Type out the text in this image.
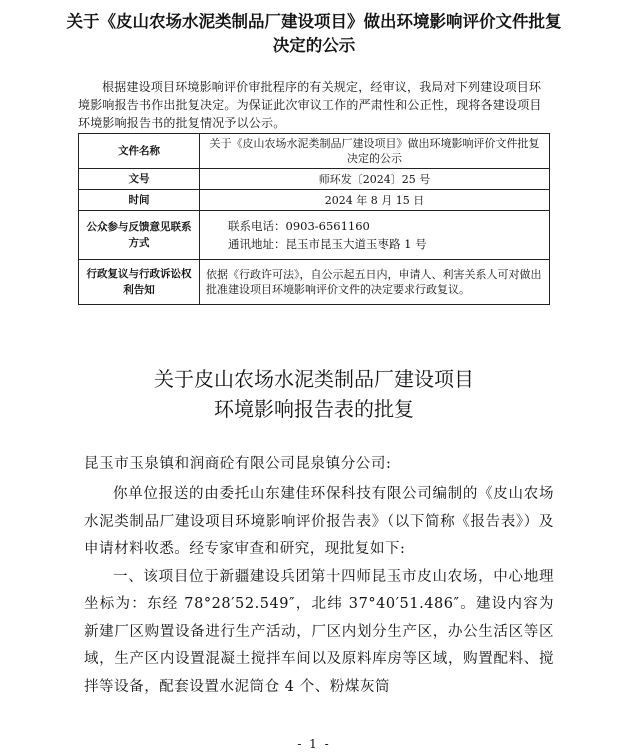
关于《皮山农场水泥类制品厂建设项目》做出环境影响评价文件批复决定的公示

根据建设项目环境影响评价审批程序的有关规定，经审议，我局对下列建设项目环境影响报告书作出批复决定。为保证此次审议工作的严肃性和公正性，现将各建设项目环境影响报告书的批复情况予以公示。

文件名称	关于《皮山农场水泥类制品厂建设项目》做出环境影响评价文件批复决定的公示
文号	师环发〔2024〕25 号
时间	2024 年 8 月 15 日
公众参与反馈意见联系方式	联系电话：0903-6561160
通讯地址：昆玉市昆玉大道玉枣路 1 号

行政复议与行政诉讼权利告知	依据《行政许可法》，自公示起五日内，申请人、利害关系人可对做出批准建设项目环境影响评价文件的决定要求行政复议。
关于皮山农场水泥类制品厂建设项目
环境影响报告表的批复

昆玉市玉泉镇和润商砼有限公司昆泉镇分公司:

你单位报送的由委托山东建佳环保科技有限公司编制的《皮山农场水泥类制品厂建设项目环境影响评价报告表》（以下简称《报告表》）及申请材料收悉。经专家审查和研究，现批复如下:

一、该项目位于新疆建设兵团第十四师昆玉市皮山农场，中心地理坐标为：东经 78°28′52.549″，北纬 37°40′51.486″。建设内容为新建厂区购置设备进行生产活动，厂区内划分生产区，办公生活区等区域，生产区内设置混凝土搅拌车间以及原料库房等区域，购置配料、搅拌等设备，配套设置水泥筒仓 4 个、粉煤灰筒

- 1 -
